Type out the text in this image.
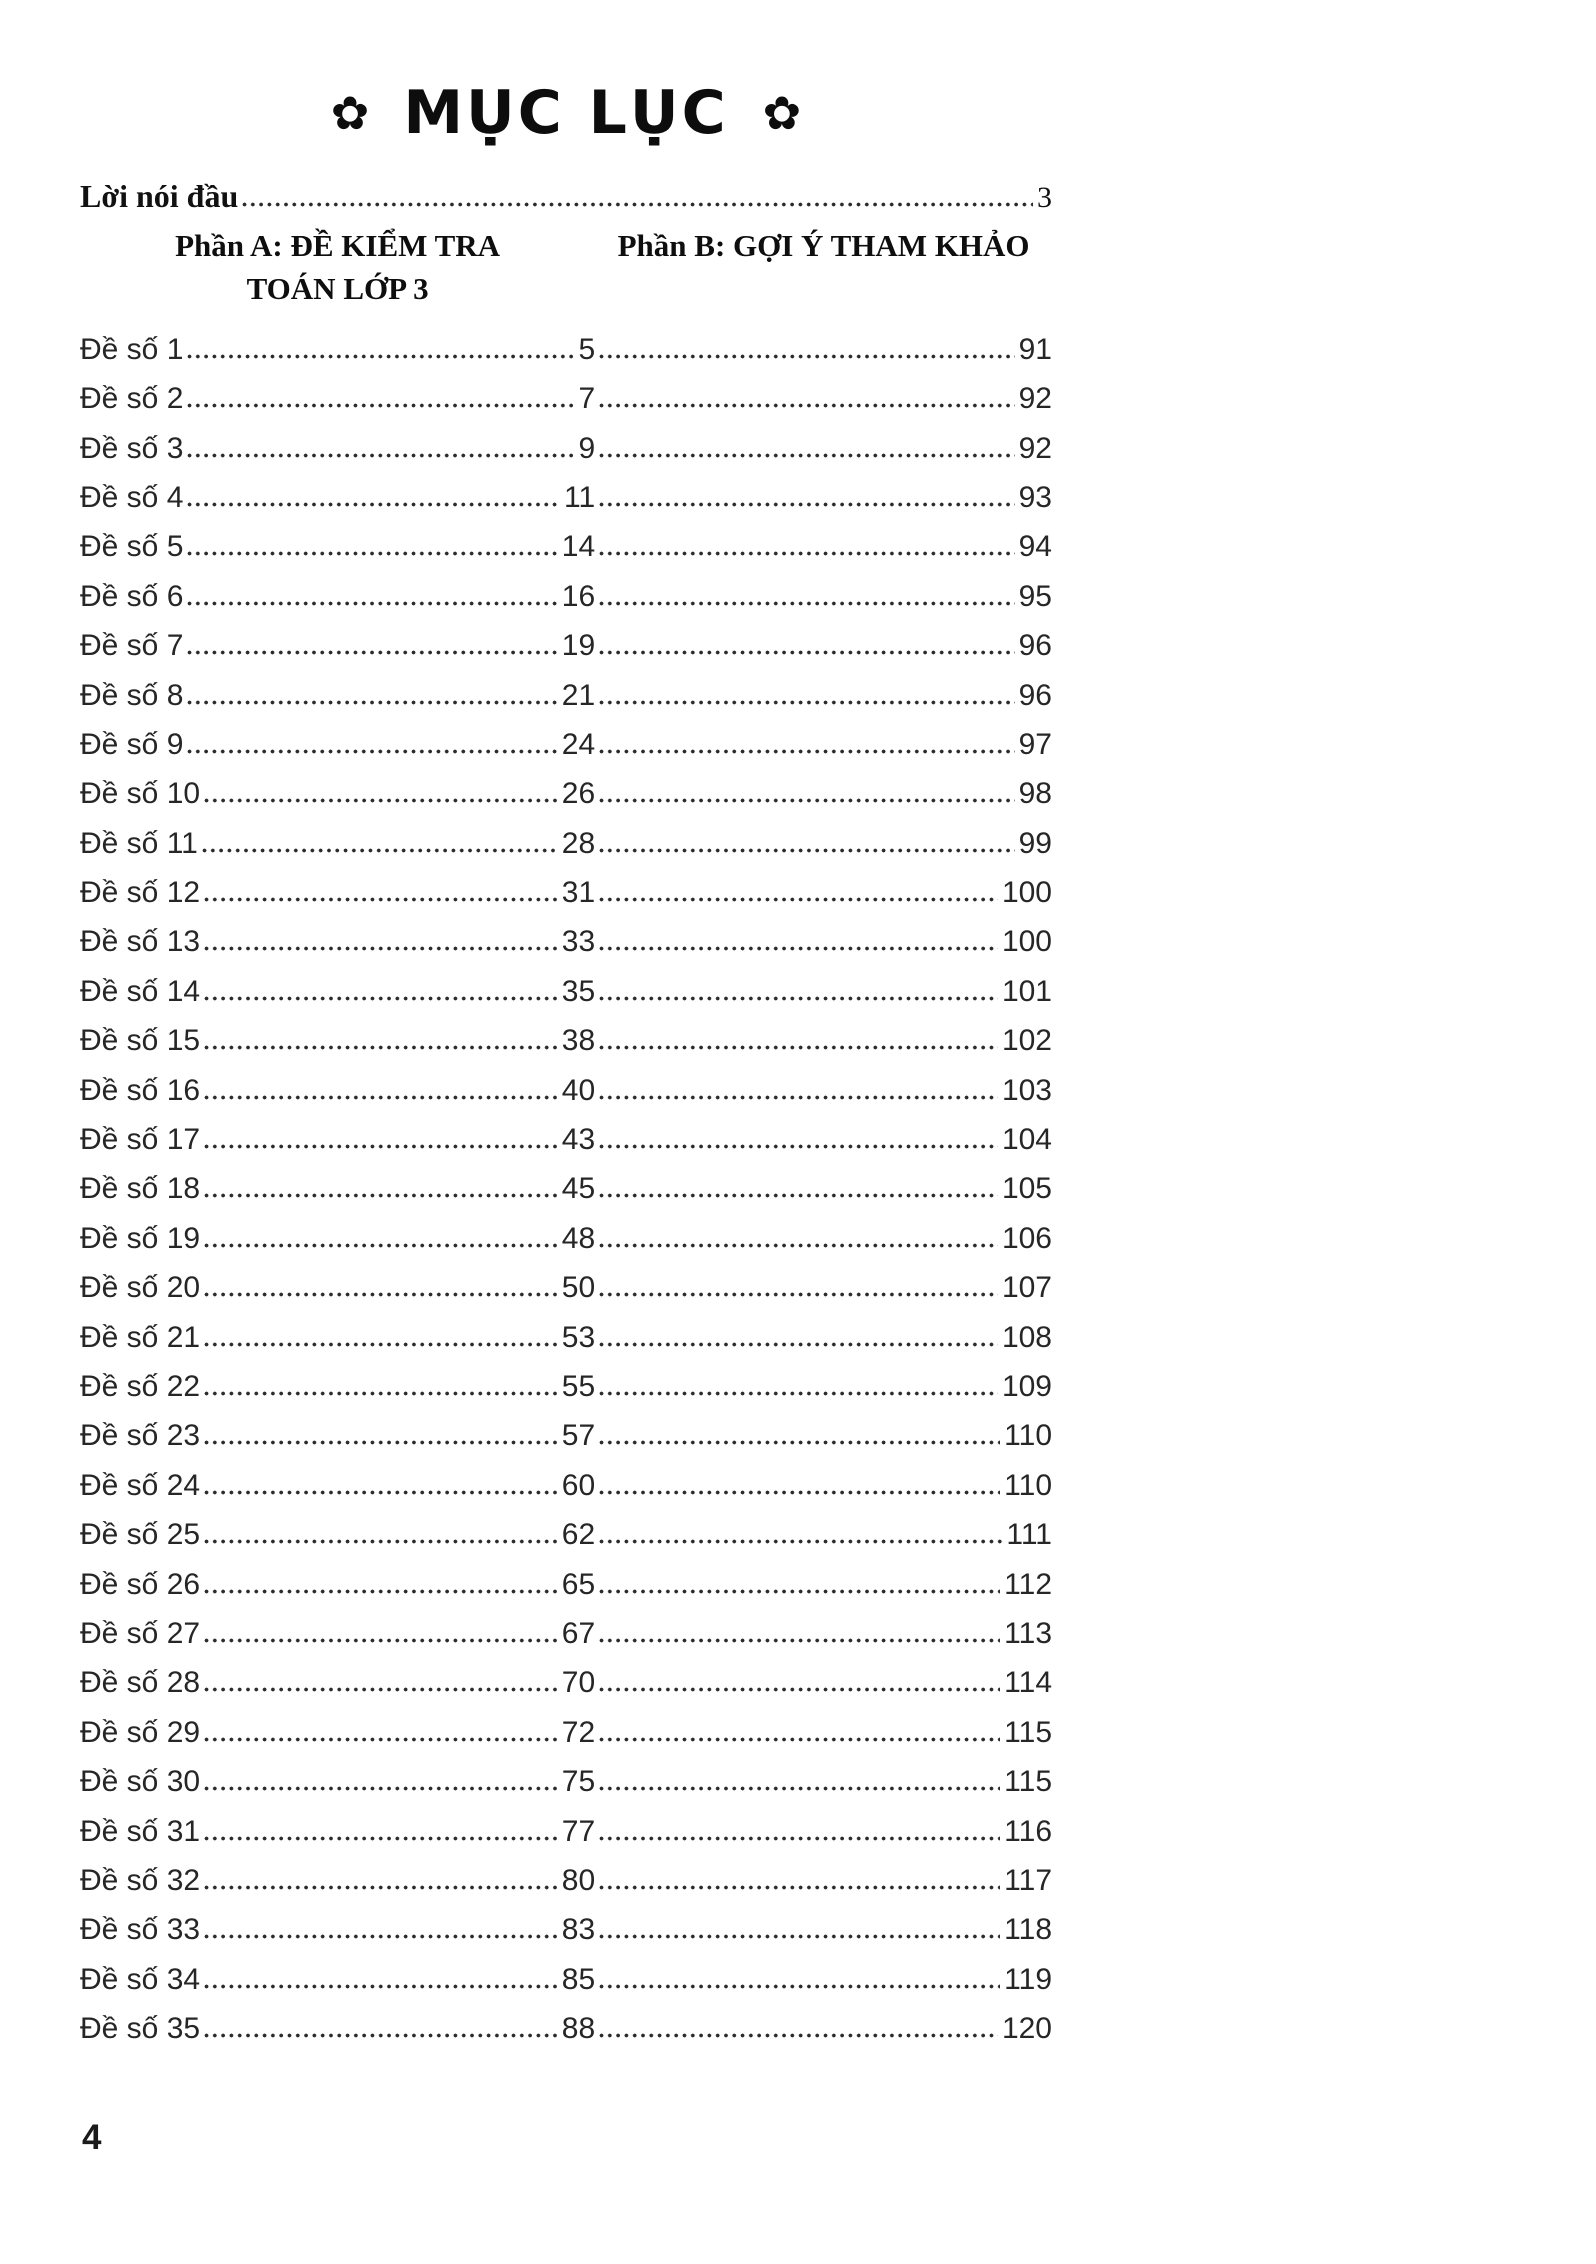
✿ MỤC LỤC ✿
Lời nói đầu	3
Phần A: ĐỀ KIỂM TRA
TOÁN LỚP 3
Phần B: GỢI Ý THAM KHẢO
Đề số 1	5	91
Đề số 2	7	92
Đề số 3	9	92
Đề số 4	11	93
Đề số 5	14	94
Đề số 6	16	95
Đề số 7	19	96
Đề số 8	21	96
Đề số 9	24	97
Đề số 10	26	98
Đề số 11	28	99
Đề số 12	31	100
Đề số 13	33	100
Đề số 14	35	101
Đề số 15	38	102
Đề số 16	40	103
Đề số 17	43	104
Đề số 18	45	105
Đề số 19	48	106
Đề số 20	50	107
Đề số 21	53	108
Đề số 22	55	109
Đề số 23	57	110
Đề số 24	60	110
Đề số 25	62	111
Đề số 26	65	112
Đề số 27	67	113
Đề số 28	70	114
Đề số 29	72	115
Đề số 30	75	115
Đề số 31	77	116
Đề số 32	80	117
Đề số 33	83	118
Đề số 34	85	119
Đề số 35	88	120
4
